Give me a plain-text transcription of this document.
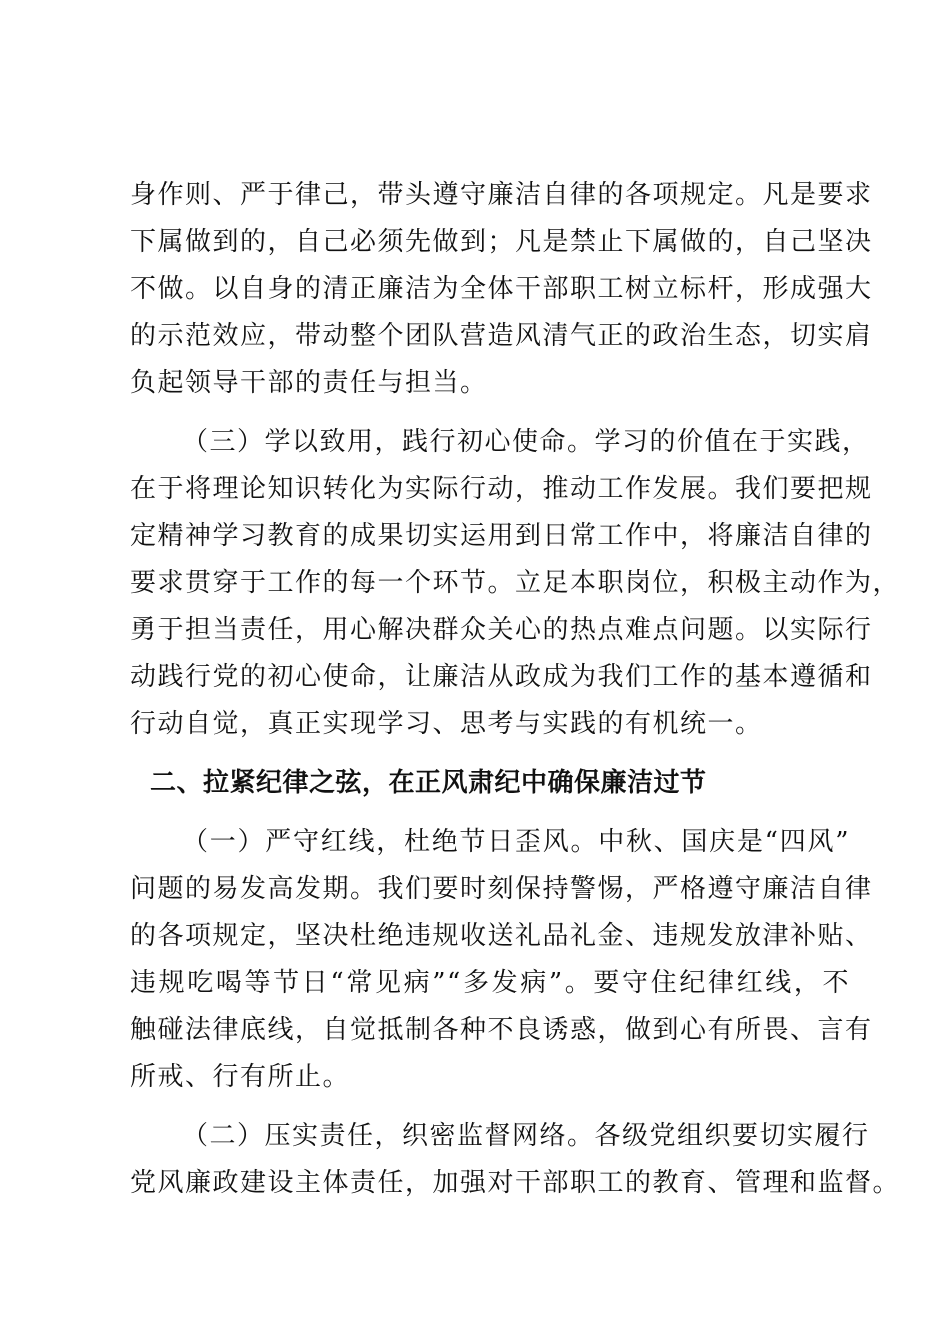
身作则、严于律己，带头遵守廉洁自律的各项规定。凡是要求
下属做到的，自己必须先做到；凡是禁止下属做的，自己坚决
不做。以自身的清正廉洁为全体干部职工树立标杆，形成强大
的示范效应，带动整个团队营造风清气正的政治生态，切实肩
负起领导干部的责任与担当。
（三）学以致用，践行初心使命。学习的价值在于实践，
在于将理论知识转化为实际行动，推动工作发展。我们要把规
定精神学习教育的成果切实运用到日常工作中，将廉洁自律的
要求贯穿于工作的每一个环节。立足本职岗位，积极主动作为，
勇于担当责任，用心解决群众关心的热点难点问题。以实际行
动践行党的初心使命，让廉洁从政成为我们工作的基本遵循和
行动自觉，真正实现学习、思考与实践的有机统一。
二、拉紧纪律之弦，在正风肃纪中确保廉洁过节
（一）严守红线，杜绝节日歪风。中秋、国庆是“四风”
问题的易发高发期。我们要时刻保持警惕，严格遵守廉洁自律
的各项规定，坚决杜绝违规收送礼品礼金、违规发放津补贴、
违规吃喝等节日“常见病”“多发病”。要守住纪律红线，不
触碰法律底线，自觉抵制各种不良诱惑，做到心有所畏、言有
所戒、行有所止。
（二）压实责任，织密监督网络。各级党组织要切实履行
党风廉政建设主体责任，加强对干部职工的教育、管理和监督。
